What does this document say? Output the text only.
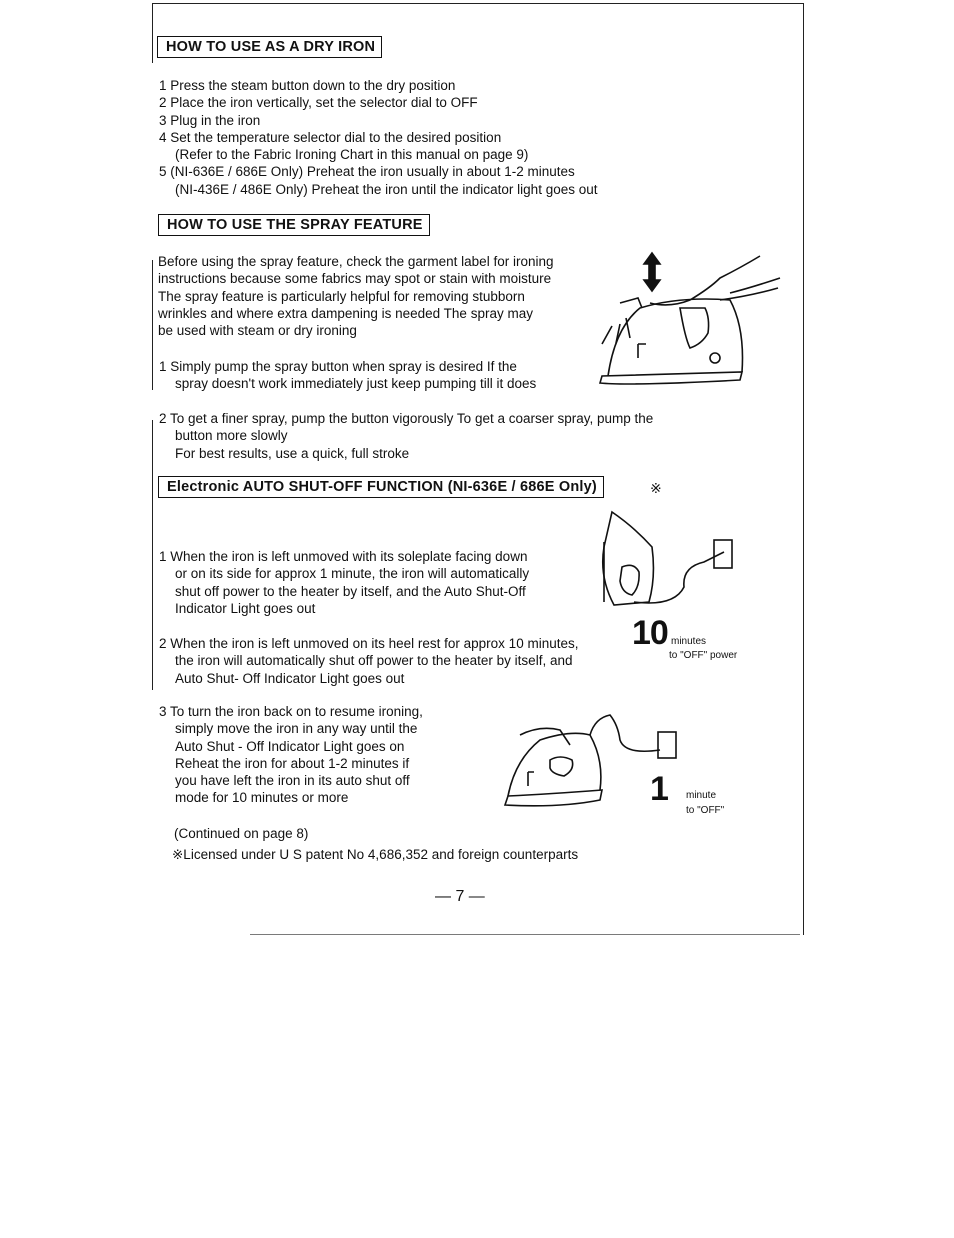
HOW TO USE AS A DRY IRON
1 Press the steam button down to the dry position
2 Place the iron vertically, set the selector dial to OFF
3 Plug in the iron
4 Set the temperature selector dial to the desired position
(Refer to the Fabric Ironing Chart in this manual on page 9)
5 (NI-636E / 686E Only) Preheat the iron usually in about 1-2 minutes
(NI-436E / 486E Only) Preheat the iron until the indicator light goes out
HOW TO USE THE SPRAY FEATURE
Before using the spray feature, check the garment label for ironing
instructions because some fabrics may spot or stain with moisture
The spray feature is particularly helpful for removing stubborn
wrinkles and where extra dampening is needed The spray may
be used with steam or dry ironing
1 Simply pump the spray button when spray is desired If the
spray doesn't work immediately just keep pumping till it does
2 To get a finer spray, pump the button vigorously To get a coarser spray, pump the
button more slowly
For best results, use a quick, full stroke
Electronic AUTO SHUT-OFF FUNCTION (NI-636E / 686E Only)	※
1 When the iron is left unmoved with its soleplate facing down
or on its side for approx 1 minute, the iron will automatically
shut off power to the heater by itself, and the Auto Shut-Off
Indicator Light goes out
2 When the iron is left unmoved on its heel rest for approx 10 minutes,
the iron will automatically shut off power to the heater by itself, and
Auto Shut- Off Indicator Light goes out
10 minutes
to "OFF" power
3 To turn the iron back on to resume ironing,
simply move the iron in any way until the
Auto Shut - Off Indicator Light goes on
Reheat the iron for about 1-2 minutes if
you have left the iron in its auto shut off
mode for 10 minutes or more	1 minute
to "OFF"
(Continued on page 8)
※Licensed under U S patent No 4,686,352 and foreign counterparts
— 7 —
